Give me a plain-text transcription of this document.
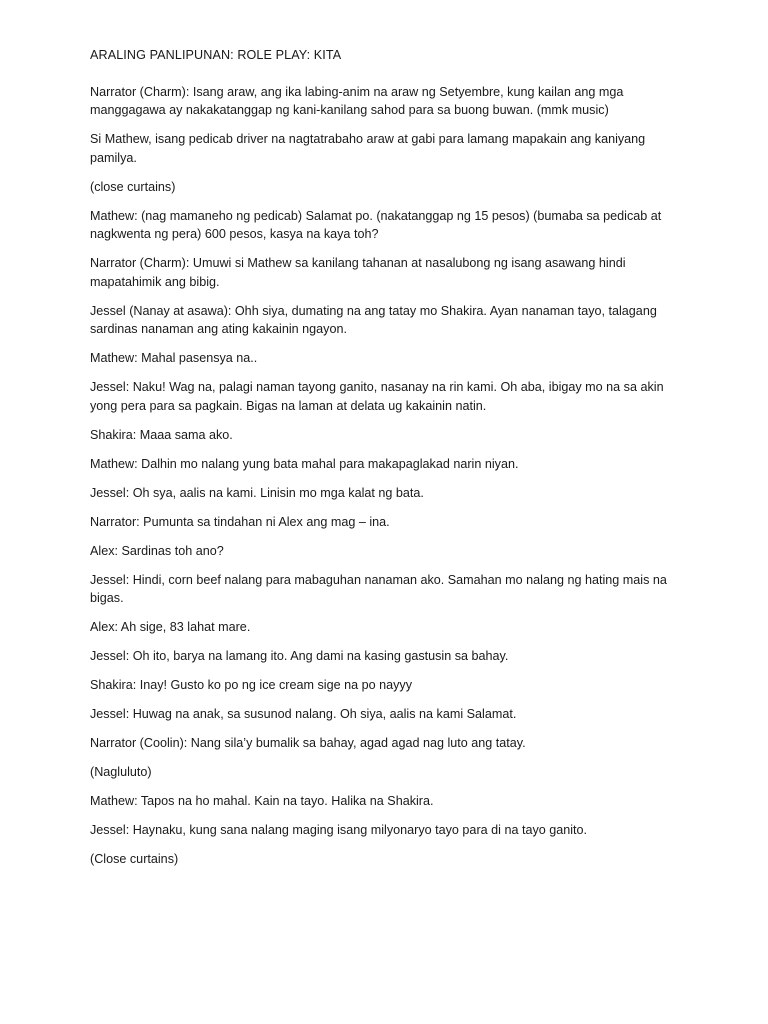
ARALING PANLIPUNAN: ROLE PLAY: KITA

Narrator (Charm): Isang araw, ang ika labing-anim na araw ng Setyembre, kung kailan ang mga manggagawa ay nakakatanggap ng kani-kanilang sahod para sa buong buwan. (mmk music)

Si Mathew, isang pedicab driver na nagtatrabaho araw at gabi para lamang mapakain ang kaniyang pamilya.

(close curtains)

Mathew: (nag mamaneho ng pedicab) Salamat po. (nakatanggap ng 15 pesos) (bumaba sa pedicab at nagkwenta ng pera) 600 pesos, kasya na kaya toh?

Narrator (Charm): Umuwi si Mathew sa kanilang tahanan at nasalubong ng isang asawang hindi mapatahimik ang bibig.

Jessel (Nanay at asawa): Ohh siya, dumating na ang tatay mo Shakira. Ayan nanaman tayo, talagang sardinas nanaman ang ating kakainin ngayon.

Mathew: Mahal pasensya na..

Jessel: Naku! Wag na, palagi naman tayong ganito, nasanay na rin kami. Oh aba, ibigay mo na sa akin yong pera para sa pagkain. Bigas na laman at delata ug kakainin natin.

Shakira: Maaa sama ako.

Mathew: Dalhin mo nalang yung bata mahal para makapaglakad narin niyan.

Jessel: Oh sya, aalis na kami. Linisin mo mga kalat ng bata.

Narrator: Pumunta sa tindahan ni Alex ang mag – ina.

Alex: Sardinas toh ano?

Jessel: Hindi, corn beef nalang para mabaguhan nanaman ako. Samahan mo nalang ng hating mais na bigas.

Alex: Ah sige, 83 lahat mare.

Jessel: Oh ito, barya na lamang ito. Ang dami na kasing gastusin sa bahay.

Shakira: Inay! Gusto ko po ng ice cream sige na po nayyy

Jessel: Huwag na anak, sa susunod nalang. Oh siya, aalis na kami Salamat.

Narrator (Coolin): Nang sila’y bumalik sa bahay, agad agad nag luto ang tatay.

(Nagluluto)

Mathew: Tapos na ho mahal. Kain na tayo. Halika na Shakira.

Jessel: Haynaku, kung sana nalang maging isang milyonaryo tayo para di na tayo ganito.

(Close curtains)
